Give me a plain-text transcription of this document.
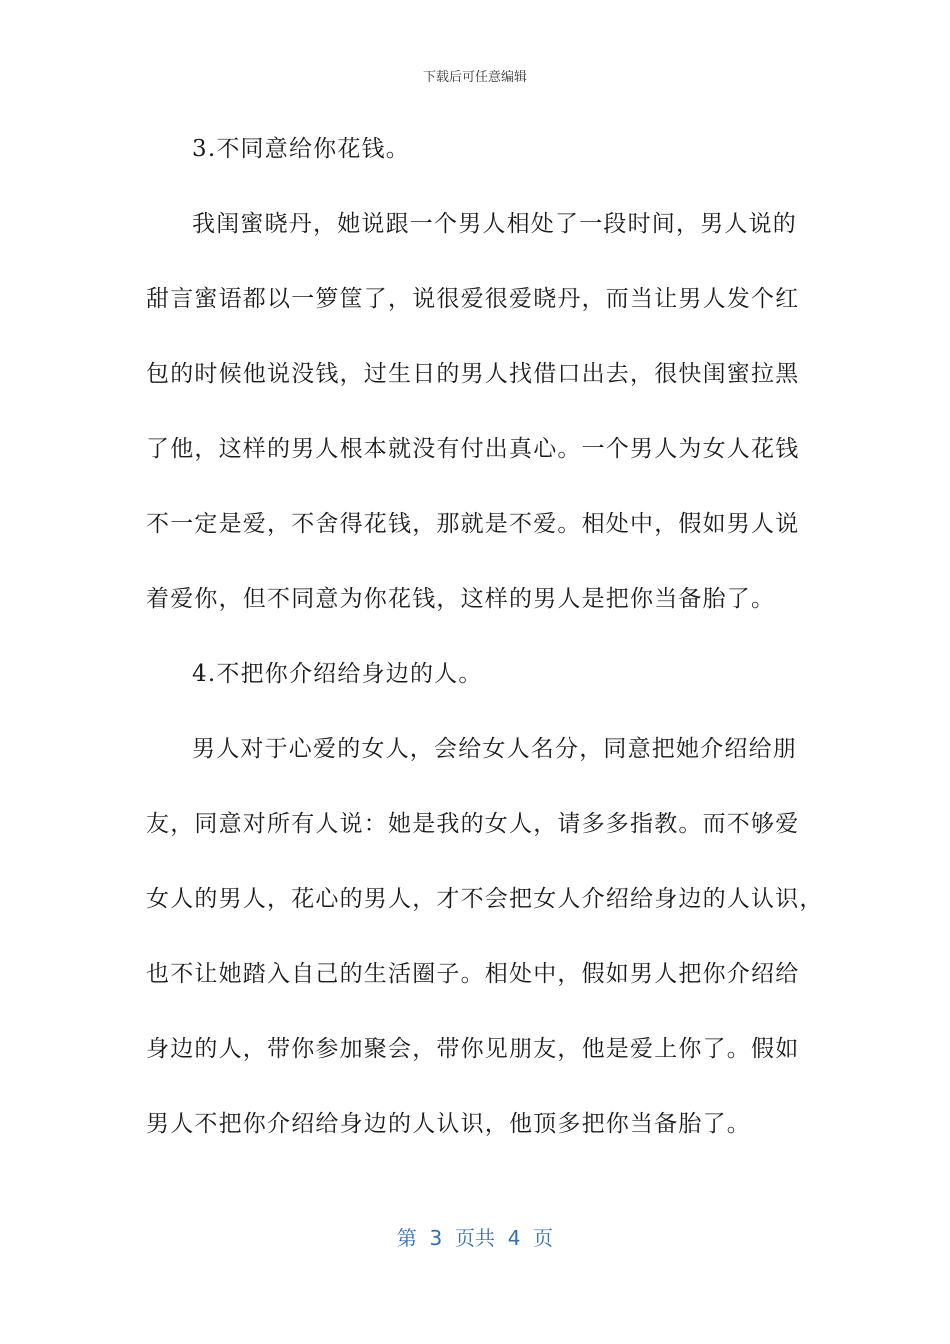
下载后可任意编辑
3.不同意给你花钱。
我闺蜜晓丹，她说跟一个男人相处了一段时间，男人说的
甜言蜜语都以一箩筐了，说很爱很爱晓丹，而当让男人发个红
包的时候他说没钱，过生日的男人找借口出去，很快闺蜜拉黑
了他，这样的男人根本就没有付出真心。一个男人为女人花钱
不一定是爱，不舍得花钱，那就是不爱。相处中，假如男人说
着爱你，但不同意为你花钱，这样的男人是把你当备胎了。
4.不把你介绍给身边的人。
男人对于心爱的女人，会给女人名分，同意把她介绍给朋
友，同意对所有人说：她是我的女人，请多多指教。而不够爱
女人的男人，花心的男人，才不会把女人介绍给身边的人认识，
也不让她踏入自己的生活圈子。相处中，假如男人把你介绍给
身边的人，带你参加聚会，带你见朋友，他是爱上你了。假如
男人不把你介绍给身边的人认识，他顶多把你当备胎了。
第  3  页共  4  页
